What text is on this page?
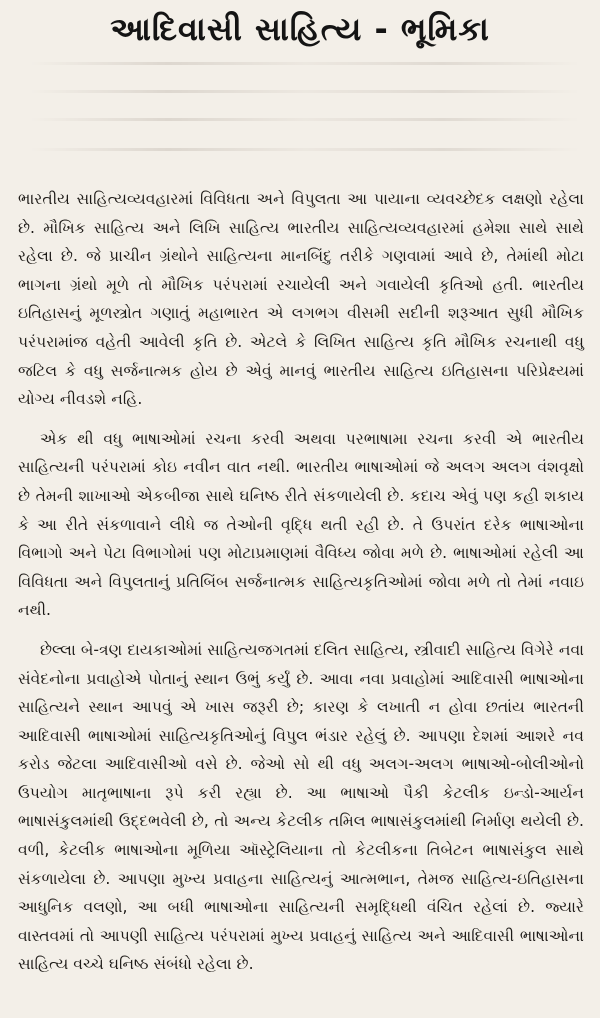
આદિવાસી સાહિત્ય - ભૂમિકા

ભારતીય સાહિત્યવ્યવહારમાં વિવિધતા અને વિપુલતા આ પાયાના વ્યવચ્છેદક લક્ષણો રહેલા છે. મૌખિક સાહિત્ય અને લિખિ સાહિત્ય ભારતીય સાહિત્યવ્યવહારમાં હમેશા સાથે સાથે રહેલા છે. જે પ્રાચીન ગ્રંથોને સાહિત્યના માનબિંદુ તરીકે ગણવામાં આવે છે, તેમાંથી મોટા ભાગના ગ્રંથો મૂળે તો મૌખિક પરંપરામાં રચાયેલી અને ગવાયેલી કૃતિઓ હતી. ભારતીય ઇતિહાસનું મૂળસ્ત્રોત ગણાતું મહાભારત એ લગભગ વીસમી સદીની શરૂઆત સુધી મૌખિક પરંપરામાંજ વહેતી આવેલી કૃતિ છે. એટલે કે લિખિત સાહિત્ય કૃતિ મૌખિક રચનાથી વધુ જટિલ કે વધુ સર્જનાત્મક હોય છે એવું માનવું ભારતીય સાહિત્ય ઇતિહાસના પરિપ્રેક્ષ્યમાં યોગ્ય નીવડશે નહિ.

એક થી વધુ ભાષાઓમાં રચના કરવી અથવા પરભાષામા રચના કરવી એ ભારતીય સાહિત્યની પરંપરામાં કોઇ નવીન વાત નથી. ભારતીય ભાષાઓમાં જે અલગ અલગ વંશવૃક્ષો છે તેમની શાખાઓ એકબીજા સાથે ઘનિષ્ઠ રીતે સંકળાયેલી છે. કદાચ એવું પણ કહી શકાય કે આ રીતે સંકળાવાને લીધે જ તેઓની વૃદ્ધિ થતી રહી છે. તે ઉપરાંત દરેક ભાષાઓના વિભાગો અને પેટા વિભાગોમાં પણ મોટાપ્રમાણમાં વૈવિધ્ય જોવા મળે છે. ભાષાઓમાં રહેલી આ વિવિધતા અને વિપુલતાનું પ્રતિબિંબ સર્જનાત્મક સાહિત્યકૃતિઓમાં જોવા મળે તો તેમાં નવાઇ નથી.

છેલ્લા બે-ત્રણ દાયકાઓમાં સાહિત્યજગતમાં દલિત સાહિત્ય, સ્ત્રીવાદી સાહિત્ય વિગેરે નવા સંવેદનોના પ્રવાહોએ પોતાનું સ્થાન ઉભું કર્યું છે. આવા નવા પ્રવાહોમાં આદિવાસી ભાષાઓના સાહિત્યને સ્થાન આપવું એ ખાસ જરૂરી છે; કારણ કે લખાતી ન હોવા છતાંય ભારતની આદિવાસી ભાષાઓમાં સાહિત્યકૃતિઓનું વિપુલ ભંડાર રહેલું છે. આપણા દેશમાં આશરે નવ કરોડ જેટલા આદિવાસીઓ વસે છે. જેઓ સો થી વધુ અલગ-અલગ ભાષાઓ-બોલીઓનો ઉપયોગ માતૃભાષાના રૂપે કરી રહ્યા છે. આ ભાષાઓ પૈકી કેટલીક ઇન્ડો-આર્યન ભાષાસંકુલમાંથી ઉદ્દભવેલી છે, તો અન્ય કેટલીક તમિલ ભાષાસંકુલમાંથી નિર્માણ થયેલી છે. વળી, કેટલીક ભાષાઓના મૂળિયા ઑસ્ટ્રેલિયાના તો કેટલીકના તિબેટન ભાષાસંકુલ સાથે સંકળાયેલા છે. આપણા મુખ્ય પ્રવાહના સાહિત્યનું આત્મભાન, તેમજ સાહિત્ય-ઇતિહાસના આધુનિક વલણો, આ બધી ભાષાઓના સાહિત્યની સમૃદ્ધિથી વંચિત રહેલાં છે. જ્યારે વાસ્તવમાં તો આપણી સાહિત્ય પરંપરામાં મુખ્ય પ્રવાહનું સાહિત્ય અને આદિવાસી ભાષાઓના સાહિત્ય વચ્ચે ઘનિષ્ઠ સંબંધો રહેલા છે.
